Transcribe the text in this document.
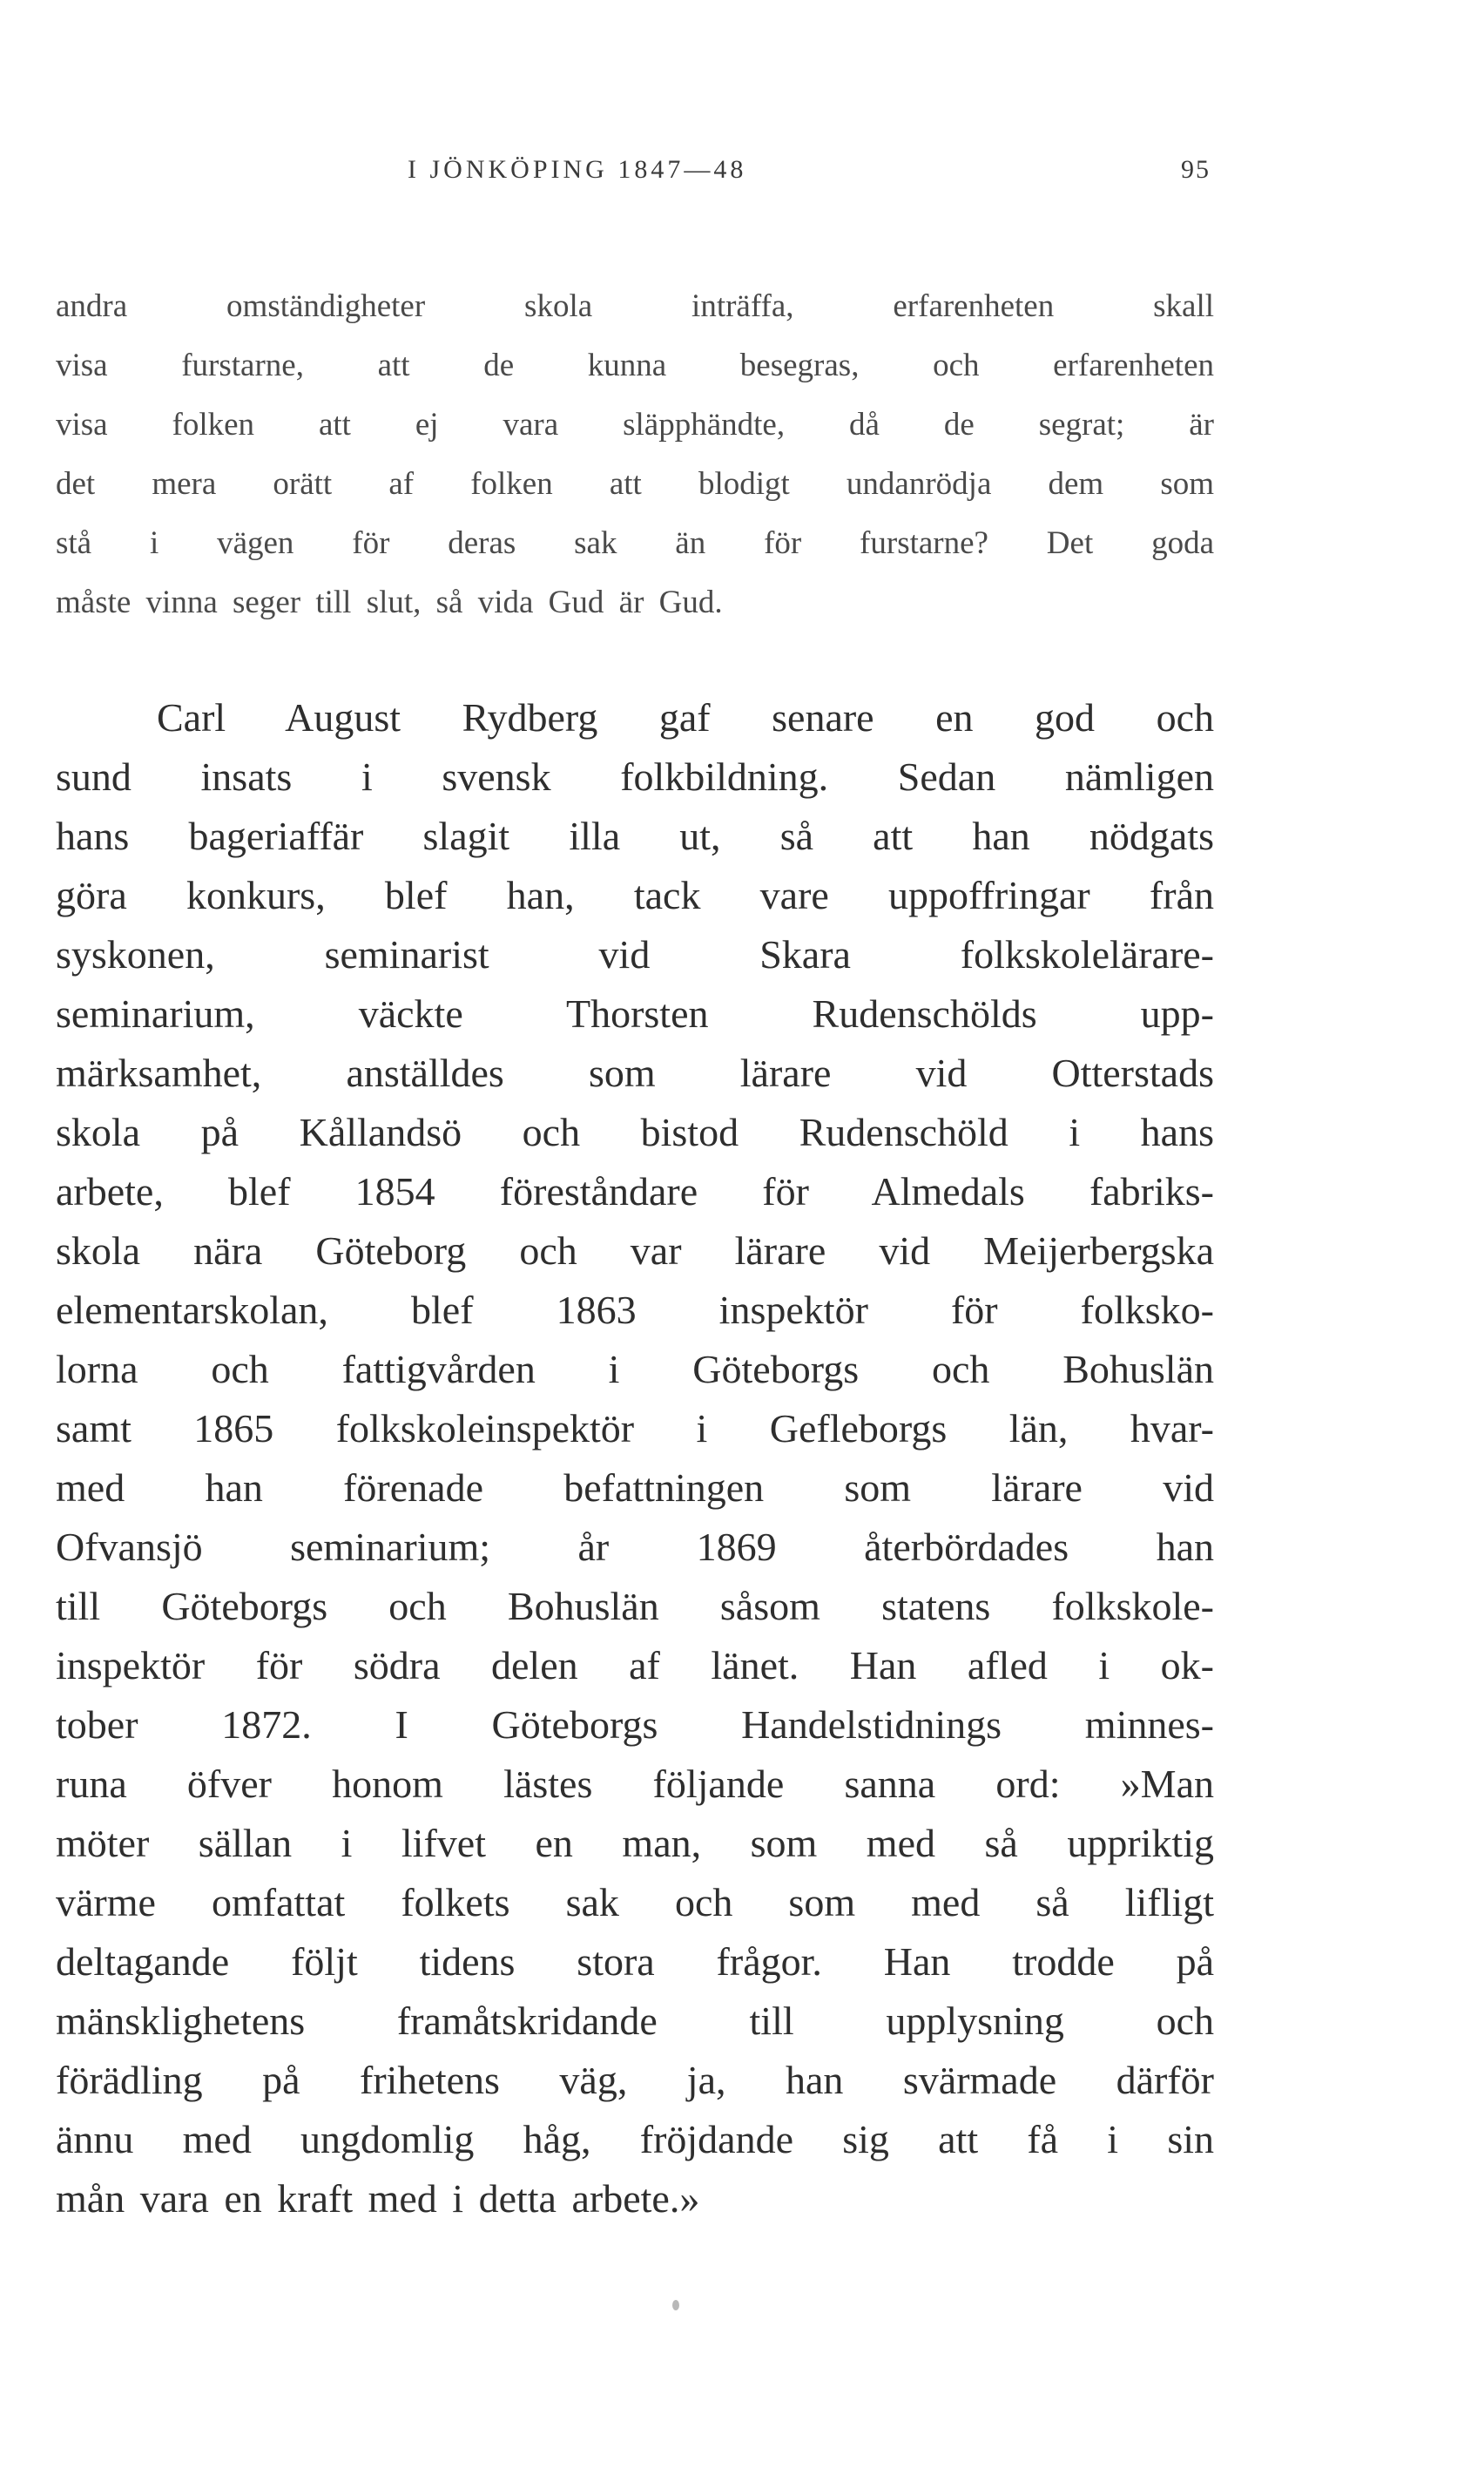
I JÖNKÖPING 1847—48	95
andra omständigheter skola inträffa, erfarenheten skall
visa furstarne, att de kunna besegras, och erfarenheten
visa folken att ej vara släpphändte, då de segrat; är
det mera orätt af folken att blodigt undanrödja dem som
stå i vägen för deras sak än för furstarne? Det goda
måste vinna seger till slut, så vida Gud är Gud.
Carl August Rydberg gaf senare en god och
sund insats i svensk folkbildning. Sedan nämligen
hans bageriaffär slagit illa ut, så att han nödgats
göra konkurs, blef han, tack vare uppoffringar från
syskonen, seminarist vid Skara folkskolelärare-
seminarium, väckte Thorsten Rudenschölds upp-
märksamhet, anställdes som lärare vid Otterstads
skola på Kållandsö och bistod Rudenschöld i hans
arbete, blef 1854 föreståndare för Almedals fabriks-
skola nära Göteborg och var lärare vid Meijerbergska
elementarskolan, blef 1863 inspektör för folksko-
lorna och fattigvården i Göteborgs och Bohuslän
samt 1865 folkskoleinspektör i Gefleborgs län, hvar-
med han förenade befattningen som lärare vid
Ofvansjö seminarium; år 1869 återbördades han
till Göteborgs och Bohuslän såsom statens folkskole-
inspektör för södra delen af länet. Han afled i ok-
tober 1872. I Göteborgs Handelstidnings minnes-
runa öfver honom lästes följande sanna ord: »Man
möter sällan i lifvet en man, som med så uppriktig
värme omfattat folkets sak och som med så lifligt
deltagande följt tidens stora frågor. Han trodde på
mänsklighetens framåtskridande till upplysning och
förädling på frihetens väg, ja, han svärmade därför
ännu med ungdomlig håg, fröjdande sig att få i sin
mån vara en kraft med i detta arbete.»
